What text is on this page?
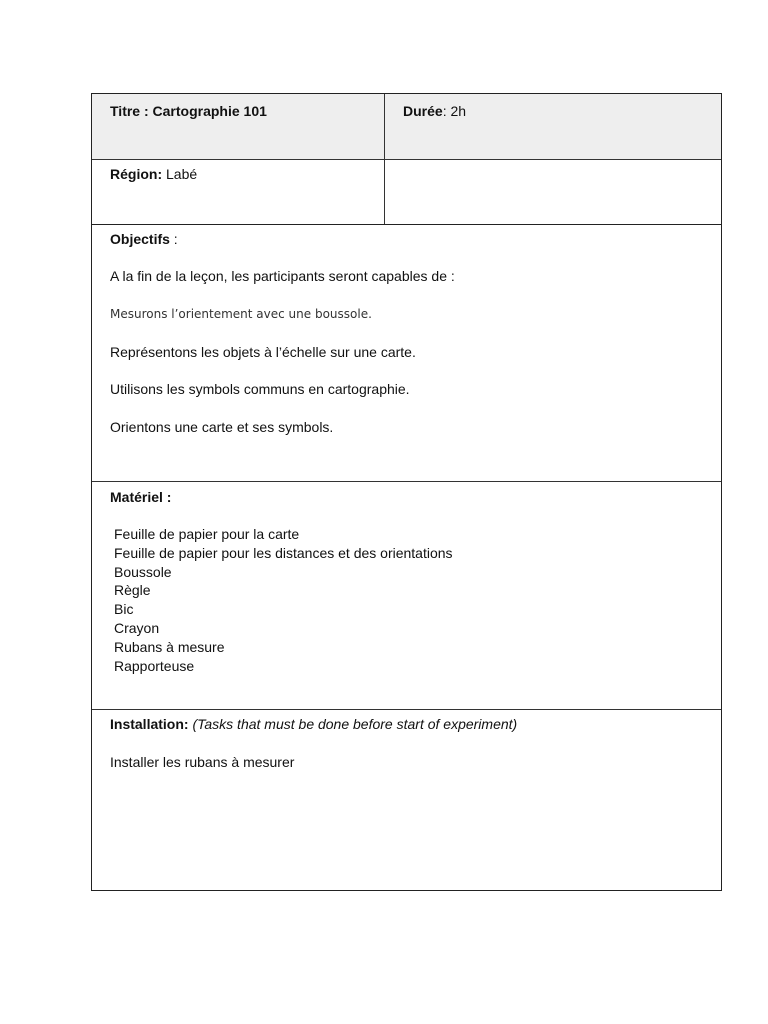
Titre : Cartographie 101	Durée: 2h
Région: Labé
Objectifs :
A la fin de la leçon, les participants seront capables de :
Mesurons l’orientement avec une boussole.
Représentons les objets à l’échelle sur une carte.
Utilisons les symbols communs en cartographie.
Orientons une carte et ses symbols.
Matériel :
Feuille de papier pour la carte
Feuille de papier pour les distances et des orientations
Boussole
Règle
Bic
Crayon
Rubans à mesure
Rapporteuse
Installation: (Tasks that must be done before start of experiment)
Installer les rubans à mesurer
